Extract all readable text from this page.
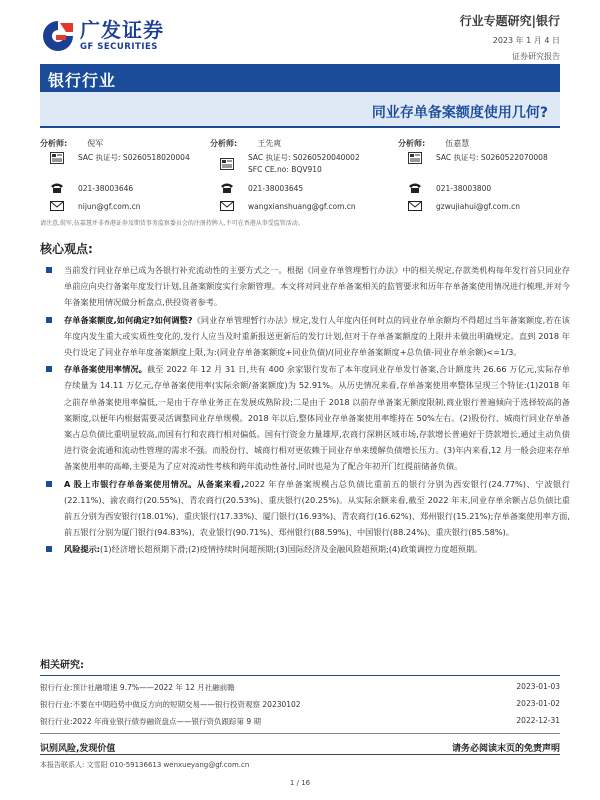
广发证券
GF SECURITIES
行业专题研究|银行
2023 年 1 月 4 日
证券研究报告
银行行业
同业存单备案额度使用几何?
分析师:	倪军
SAC 执证号: S0260518020004
021-38003646
nijun@gf.com.cn
分析师:	王先爽
SAC 执证号: S0260520040002
SFC CE.no: BQV910
021-38003645
wangxianshuang@gf.com.cn
分析师:	伍嘉慧
SAC 执证号: S0260522070008
021-38003800
gzwujiahui@gf.com.cn
请注意,倪军,伍嘉慧并非香港证券及期货事务监察委员会的注册持牌人,不可在香港从事受监管活动。
核心观点:
当前发行同业存单已成为各银行补充流动性的主要方式之一。根据《同业存单管理暂行办法》中的相关规定,存款类机构每年发行首只同业存单前应向央行备案年度发行计划,且备案额度实行余额管理。本文将对同业存单备案相关的监管要求和历年存单备案使用情况进行梳理,并对今年备案使用情况做分析盘点,供投资者参考。
存单备案额度,如何确定?如何调整?《同业存单管理暂行办法》规定,发行人年度内任何时点的同业存单余额均不得超过当年备案额度,若在该年度内发生重大或实质性变化的,发行人应当及时重新报送更新后的发行计划,但对于存单备案额度的上限并未做出明确规定。直到 2018 年央行设定了同业存单年度备案额度上限,为:(同业存单备案额度+同业负债)/(同业存单备案额度+总负债-同业存单余额)<=1/3。
存单备案使用率情况。截至 2022 年 12 月 31 日,共有 400 余家银行发布了本年度同业存单发行备案,合计额度共 26.66 万亿元,实际存单存续量为 14.11 万亿元,存单备案使用率(实际余额/备案额度)为 52.91%。从历史情况来看,存单备案使用率整体呈现三个特征:(1)2018 年之前存单备案使用率偏低,一是由于存单业务正在发展成熟阶段;二是由于 2018 以前存单备案无额度限制,商业银行普遍倾向于选择较高的备案额度,以便年内根据需要灵活调整同业存单规模。2018 年以后,整体同业存单备案使用率维持在 50%左右。(2)股份行、城商行同业存单备案占总负债比重明显较高,而国有行和农商行相对偏低。国有行资金力量雄厚,农商行深耕区域市场,存款增长普遍好于贷款增长,通过主动负债进行资金流通和流动性管理的需求不强。而股份行、城商行相对更依赖于同业存单来缓解负债增长压力。(3)年内来看,12 月一般会迎来存单备案使用率的高峰,主要是为了应对流动性考核和跨年流动性备付,同时也是为了配合年初开门红提前储备负债。
A 股上市银行存单备案使用情况。从备案来看,2022 年存单备案规模占总负债比重前五的银行分别为西安银行(24.77%)、宁波银行(22.11%)、渝农商行(20.55%)、青农商行(20.53%)、重庆银行(20.25%)。从实际余额来看,截至 2022 年末,同业存单余额占总负债比重前五分别为西安银行(18.01%)、重庆银行(17.33%)、厦门银行(16.93%)、青农商行(16.62%)、郑州银行(15.21%);存单备案使用率方面,前五银行分别为厦门银行(94.83%)、农业银行(90.71%)、郑州银行(88.59%)、中国银行(88.24%)、重庆银行(85.58%)。
风险提示:(1)经济增长超预期下滑;(2)疫情持续时间超预期;(3)国际经济及金融风险超预期;(4)政策调控力度超预期。
相关研究:
银行行业:预计社融增速 9.7%——2022 年 12 月社融前瞻	2023-01-03
银行行业:不要在中期趋势中做反方向的短期交易——银行投资观察 20230102	2023-01-02
银行行业:2022 年商业银行债券融资盘点——银行资负跟踪第 9 期	2022-12-31
识别风险,发现价值	请务必阅读末页的免责声明
本报告联系人: 文雪阳 010-59136613 wenxueyang@gf.com.cn
1 / 16
